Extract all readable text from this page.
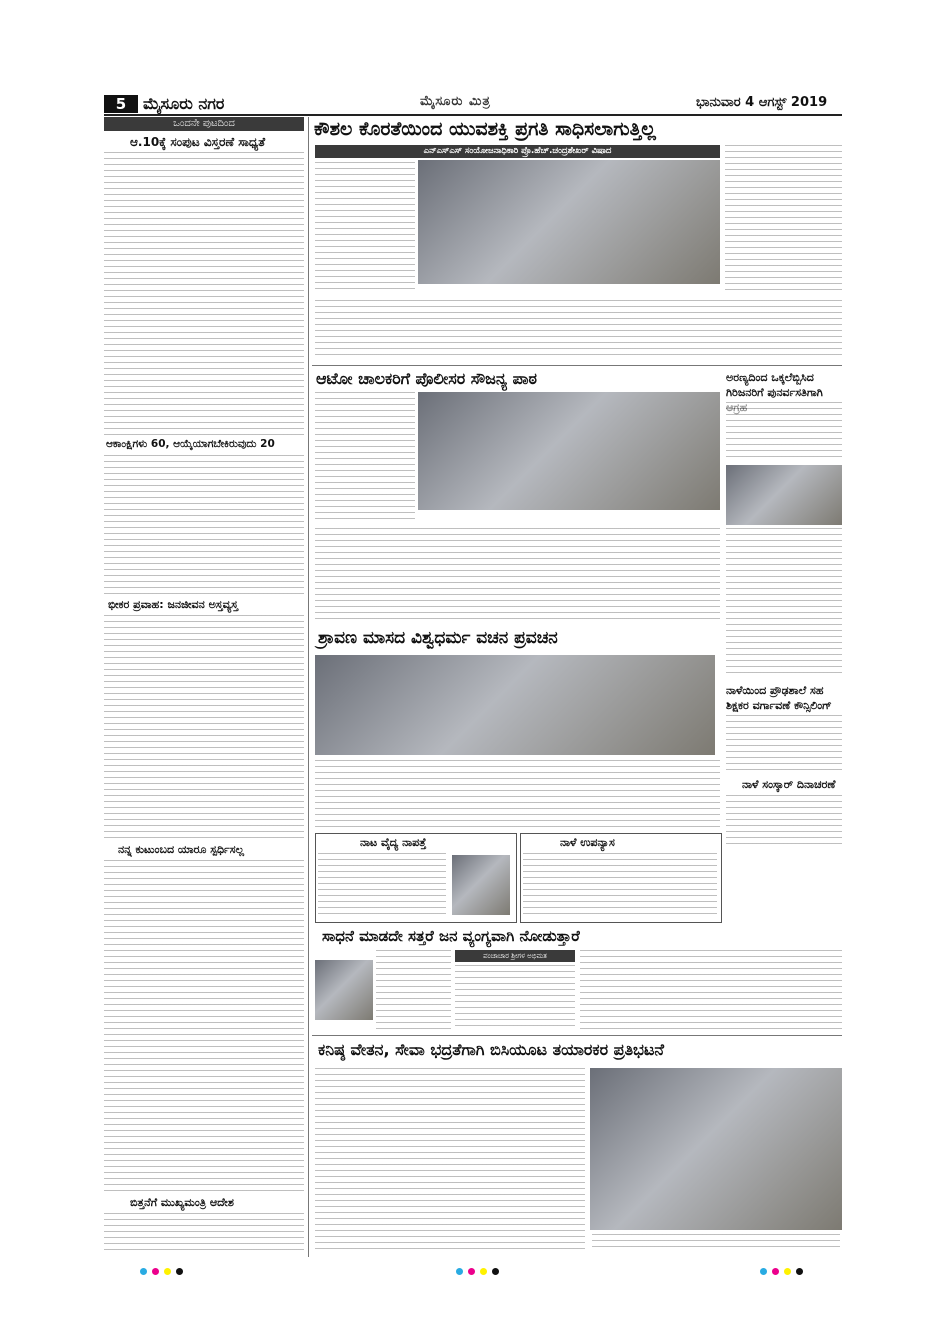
5	ಮೈಸೂರು ನಗರ	ಮೈಸೂರು ಮಿತ್ರ	ಭಾನುವಾರ 4 ಆಗಸ್ಟ್ 2019
ಒಂದನೇ ಪುಟದಿಂದ
ಆ.10ಕ್ಕೆ ಸಂಪುಟ ವಿಸ್ತರಣೆ ಸಾಧ್ಯತೆ
ಆಕಾಂಕ್ಷಿಗಳು 60, ಆಯ್ಕೆಯಾಗಬೇಕಿರುವುದು 20
ಭೀಕರ ಪ್ರವಾಹ: ಜನಜೀವನ ಅಸ್ತವ್ಯಸ್ತ
ನನ್ನ ಕುಟುಂಬದ ಯಾರೂ ಸ್ಪರ್ಧಿಸಲ್ಲ
ಬಿತ್ತನೆಗೆ ಮುಖ್ಯಮಂತ್ರಿ ಆದೇಶ
ಕೌಶಲ ಕೊರತೆಯಿಂದ ಯುವಶಕ್ತಿ ಪ್ರಗತಿ ಸಾಧಿಸಲಾಗುತ್ತಿಲ್ಲ
ಎನ್‌ಎಸ್‌ಎಸ್ ಸಂಯೋಜನಾಧಿಕಾರಿ ಪ್ರೊ.ಹೆಚ್.ಚಂದ್ರಶೇಖರ್ ವಿಷಾದ
ಆಟೋ ಚಾಲಕರಿಗೆ ಪೊಲೀಸರ ಸೌಜನ್ಯ ಪಾಠ	ಅರಣ್ಯದಿಂದ ಒಕ್ಕಲೆಬ್ಬಿಸಿದ ಗಿರಿಜನರಿಗೆ ಪುನರ್ವಸತಿಗಾಗಿ
ನಾಳೆಯಿಂದ ಪ್ರೌಢಶಾಲೆ ಸಹ ಶಿಕ್ಷಕರ ವರ್ಗಾವಣೆ ಕೌನ್ಸಿಲಿಂಗ್
ನಾಳೆ ಸಂಸ್ಕಾರ್ ದಿನಾಚರಣೆ
ಶ್ರಾವಣ ಮಾಸದ ವಿಶ್ವಧರ್ಮ ವಚನ ಪ್ರವಚನ
ನಾಟ ವೈದ್ಯ ನಾಪತ್ತೆ	ನಾಳೆ ಉಪನ್ಯಾಸ
ಸಾಧನೆ ಮಾಡದೇ ಸತ್ತರೆ ಜನ ವ್ಯಂಗ್ಯವಾಗಿ ನೋಡುತ್ತಾರೆ
ಪಂಚಾಚಾರ ಶ್ರೀಗಳ ಅಭಿಮತ
ಕನಿಷ್ಠ ವೇತನ, ಸೇವಾ ಭದ್ರತೆಗಾಗಿ ಬಿಸಿಯೂಟ ತಯಾರಕರ ಪ್ರತಿಭಟನೆ
